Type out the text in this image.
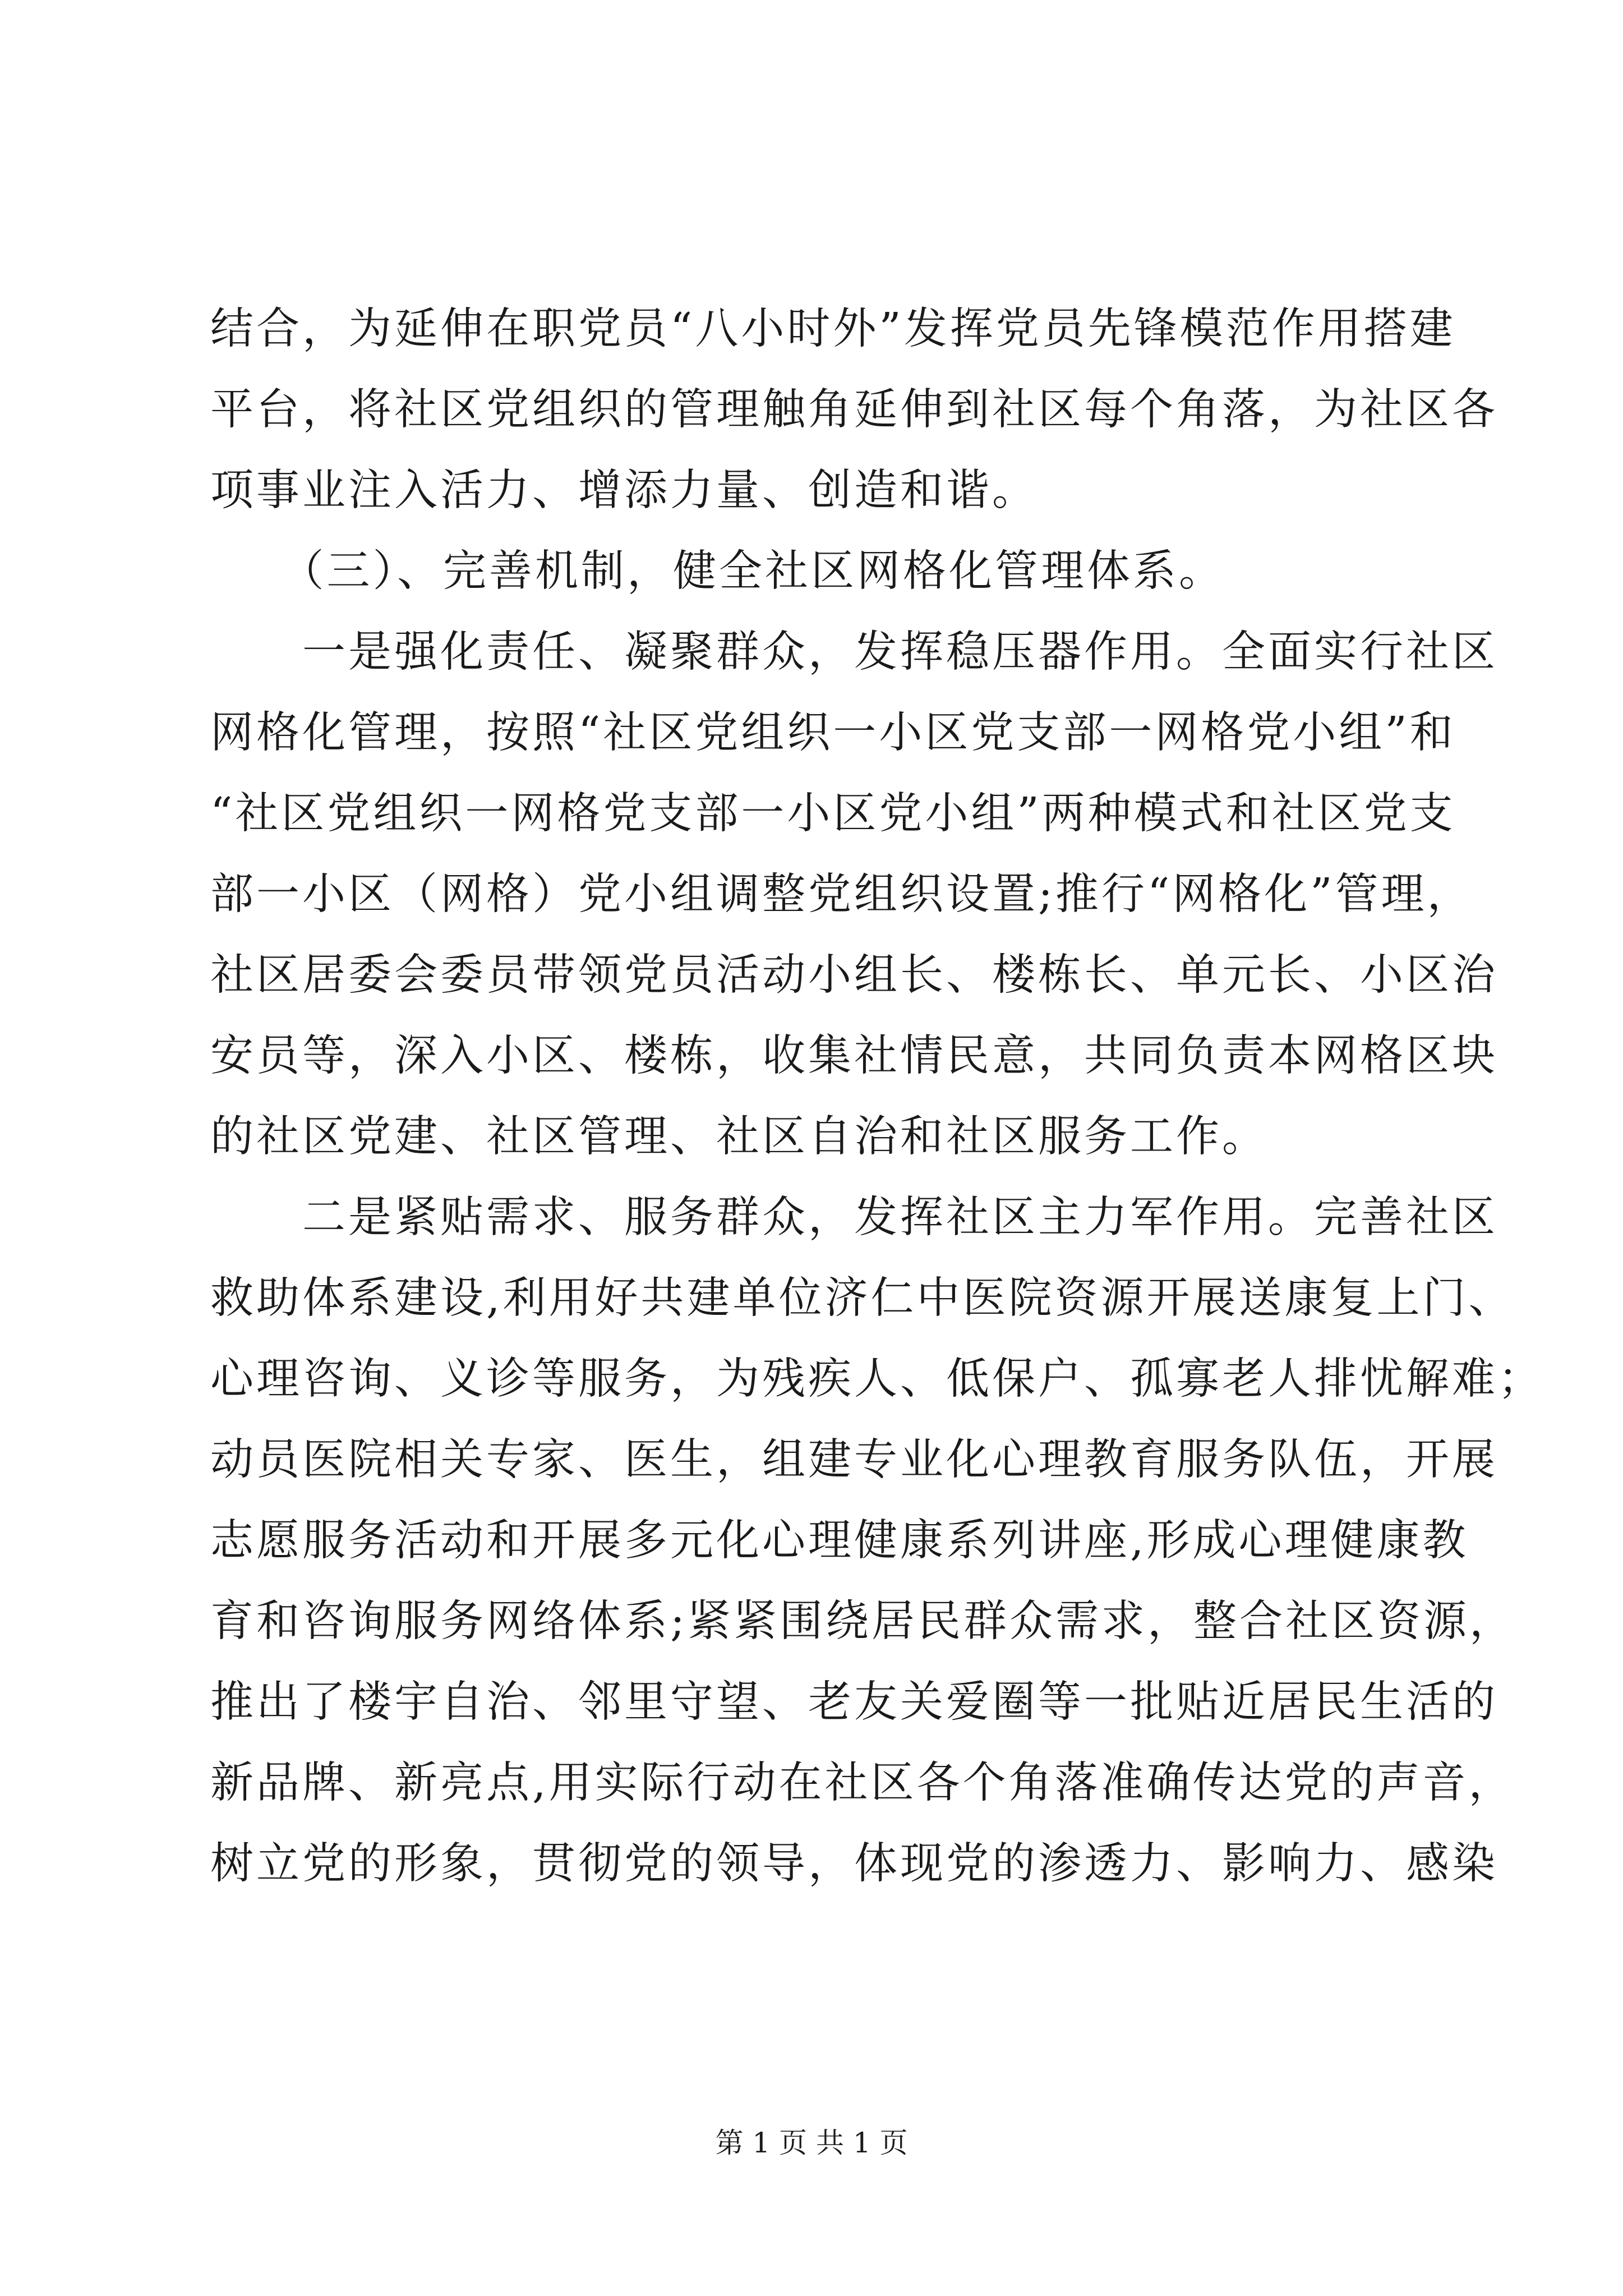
结合，为延伸在职党员“八小时外”发挥党员先锋模范作用搭建
平台，将社区党组织的管理触角延伸到社区每个角落，为社区各
项事业注入活力、增添力量、创造和谐。
　　（三）、完善机制，健全社区网格化管理体系。
　　一是强化责任、凝聚群众，发挥稳压器作用。全面实行社区
网格化管理，按照“社区党组织一小区党支部一网格党小组”和
“社区党组织一网格党支部一小区党小组”两种模式和社区党支
部一小区（网格）党小组调整党组织设置;推行“网格化”管理，
社区居委会委员带领党员活动小组长、楼栋长、单元长、小区治
安员等，深入小区、楼栋，收集社情民意，共同负责本网格区块
的社区党建、社区管理、社区自治和社区服务工作。
　　二是紧贴需求、服务群众，发挥社区主力军作用。完善社区
救助体系建设,利用好共建单位济仁中医院资源开展送康复上门、
心理咨询、义诊等服务，为残疾人、低保户、孤寡老人排忧解难；
动员医院相关专家、医生，组建专业化心理教育服务队伍，开展
志愿服务活动和开展多元化心理健康系列讲座,形成心理健康教
育和咨询服务网络体系;紧紧围绕居民群众需求，整合社区资源，
推出了楼宇自治、邻里守望、老友关爱圈等一批贴近居民生活的
新品牌、新亮点,用实际行动在社区各个角落准确传达党的声音，
树立党的形象，贯彻党的领导，体现党的渗透力、影响力、感染
第 1 页 共 1 页
